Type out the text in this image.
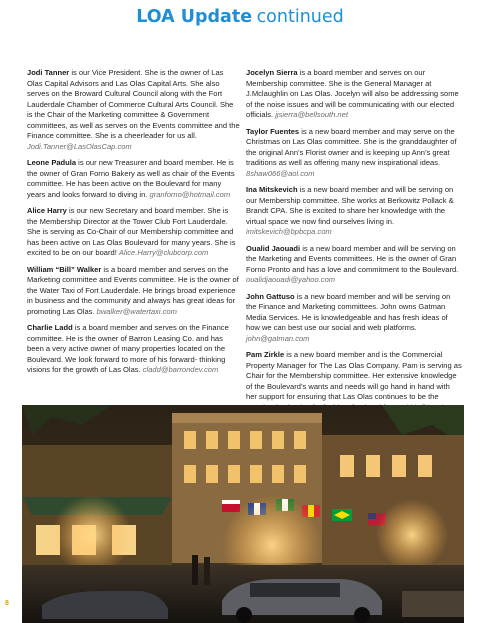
LOA Update continued

Jodi Tanner is our Vice President. She is the owner of Las Olas Capital Advisors and Las Olas Capital Arts. She also serves on the Broward Cultural Council along with the Fort Lauderdale Chamber of Commerce Cultural Arts Council. She is the Chair of the Marketing committee & Government committees, as well as serves on the Events committee and the Finance committee. She is a cheerleader for us all. Jodi.Tanner@LasOlasCap.com

Leone Padula is our new Treasurer and board member. He is the owner of Gran Forno Bakery as well as chair of the Events committee. He has been active on the Boulevard for many years and looks forward to diving in. granforno@hotmail.com

Alice Harry is our new Secretary and board member. She is the Membership Director at the Tower Club Fort Lauderdale. She is serving as Co-Chair of our Membership committee and has been active on Las Olas Boulevard for many years. She is excited to be on our board! Alice.Harry@clubcorp.com

William “Bill” Walker is a board member and serves on the Marketing committee and Events committee. He is the owner of the Water Taxi of Fort Lauderdale. He brings broad experience in business and the community and always has great ideas for promoting Las Olas. bwalker@watertaxi.com

Charlie Ladd is a board member and serves on the Finance committee. He is the owner of Barron Leasing Co. and has been a very active owner of many properties located on the Boulevard. We look forward to more of his forward- thinking visions for the growth of Las Olas. cladd@barrondev.com

Jocelyn Sierra is a board member and serves on our Membership committee. She is the General Manager at J.Mclaughlin on Las Olas. Jocelyn will also be addressing some of the noise issues and will be communicating with our elected officials. jjsierra@bellsouth.net

Taylor Fuentes is a new board member and may serve on the Christmas on Las Olas committee. She is the granddaughter of the original Ann’s Florist owner and is keeping up Ann’s great traditions as well as offering many new inspirational ideas. 8shaw066@aol.com

Ina Mitskevich is a new board member and will be serving on our Membership committee. She works at Berkowitz Pollack & Brandt CPA. She is excited to share her knowledge with the virtual space we now find ourselves living in. imitskevich@bpbcpa.com

Oualid Jaouadi is a new board member and will be serving on the Marketing and Events committees. He is the owner of Gran Forno Pronto and has a love and commitment to the Boulevard. oualidjaouadi@yahoo.com

John Gattuso is a new board member and will be serving on the Finance and Marketing committees. John owns Gatman Media Services. He is knowledgeable and has fresh ideas of how we can best use our social and web platforms. john@gatman.com

Pam Zirkle is a new board member and is the Commercial Property Manager for The Las Olas Company. Pam is serving as Chair for the Membership committee. Her extensive knowledge of the Boulevard’s wants and needs will go hand in hand with her support for ensuring that Las Olas continues to be the

8
